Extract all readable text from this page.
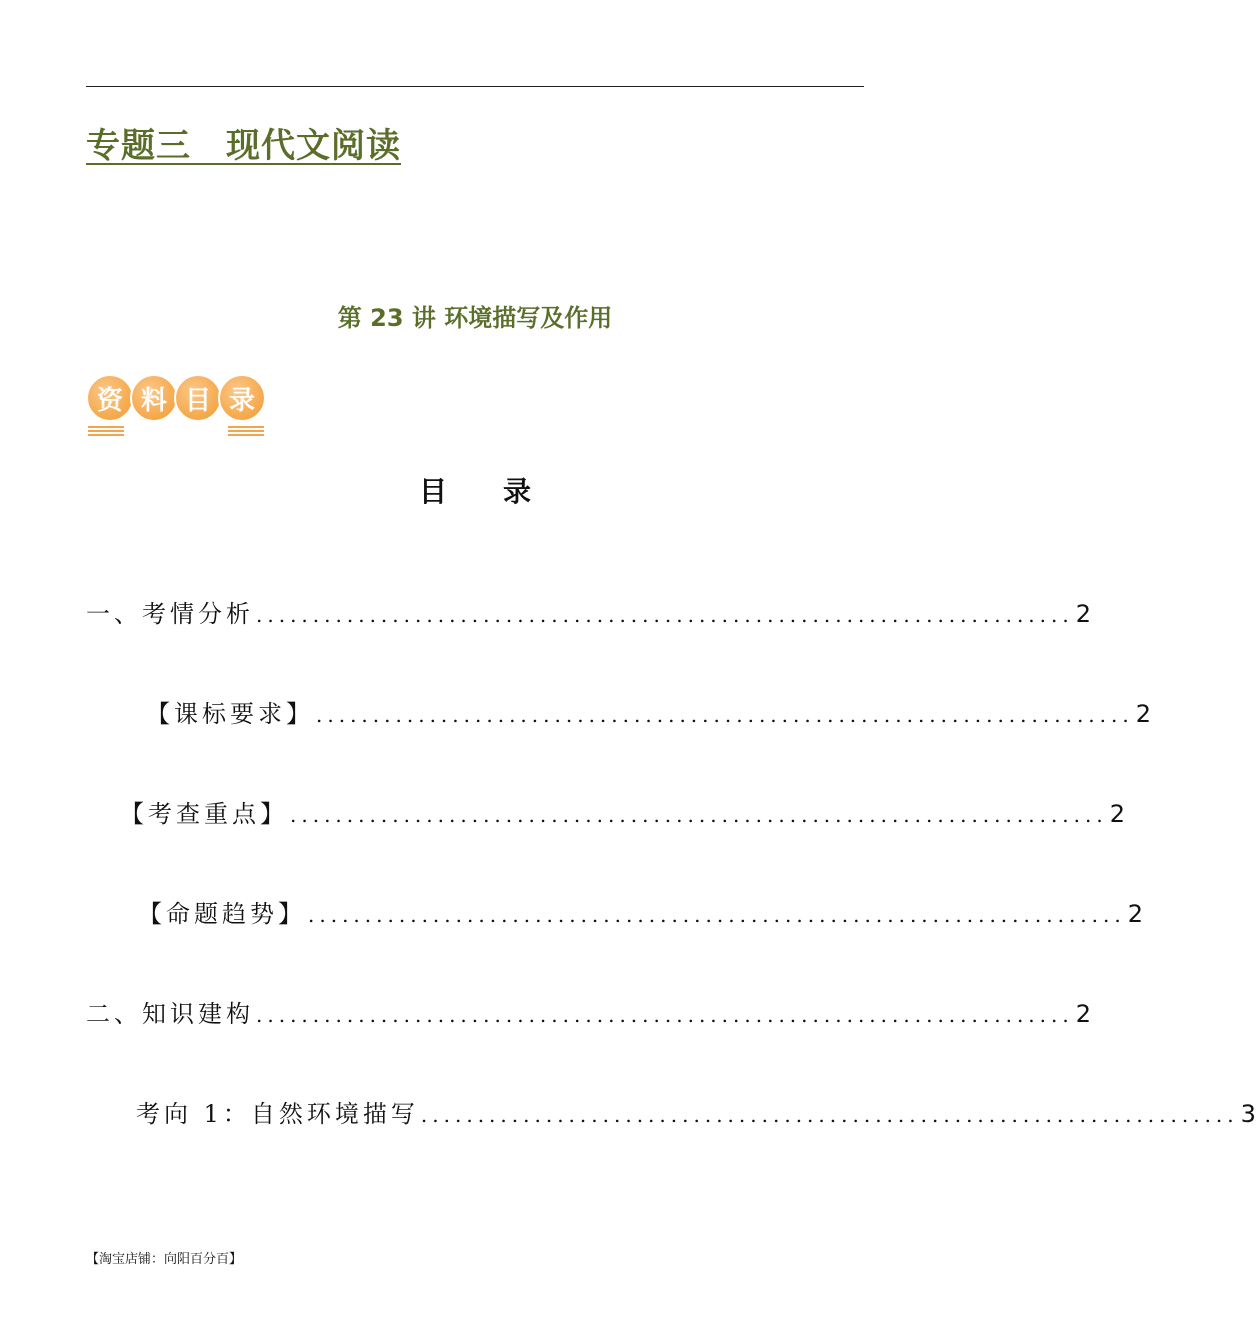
专题三　现代文阅读
第 23 讲 环境描写及作用
资 料 目 录
目　　录
一、考情分析 ........................................................................ 2
【课标要求】 ........................................................................ 2
【考查重点】 ........................................................................ 2
【命题趋势】 ........................................................................ 2
二、知识建构 ........................................................................ 2
考向 1：自然环境描写 ........................................................................ 3
【淘宝店铺：向阳百分百】
